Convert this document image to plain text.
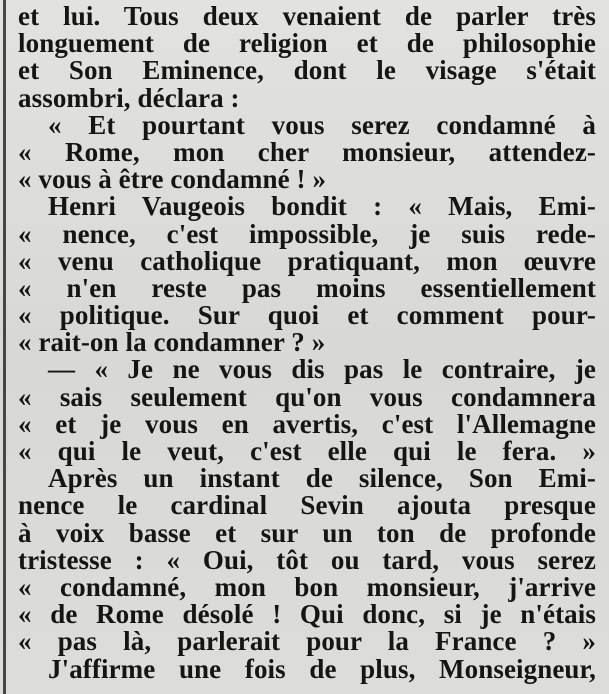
et lui. Tous deux venaient de parler très
longuement de religion et de philosophie
et Son Eminence, dont le visage s'était
assombri, déclara :
« Et pourtant vous serez condamné à
« Rome, mon cher monsieur, attendez-
« vous à être condamné ! »
Henri Vaugeois bondit : « Mais, Emi-
« nence, c'est impossible, je suis rede-
« venu catholique pratiquant, mon œuvre
« n'en reste pas moins essentiellement
« politique. Sur quoi et comment pour-
« rait-on la condamner ? »
— « Je ne vous dis pas le contraire, je
« sais seulement qu'on vous condamnera
« et je vous en avertis, c'est l'Allemagne
« qui le veut, c'est elle qui le fera. »
Après un instant de silence, Son Emi-
nence le cardinal Sevin ajouta presque
à voix basse et sur un ton de profonde
tristesse : « Oui, tôt ou tard, vous serez
« condamné, mon bon monsieur, j'arrive
« de Rome désolé ! Qui donc, si je n'étais
« pas là, parlerait pour la France ? »
J'affirme une fois de plus, Monseigneur,
